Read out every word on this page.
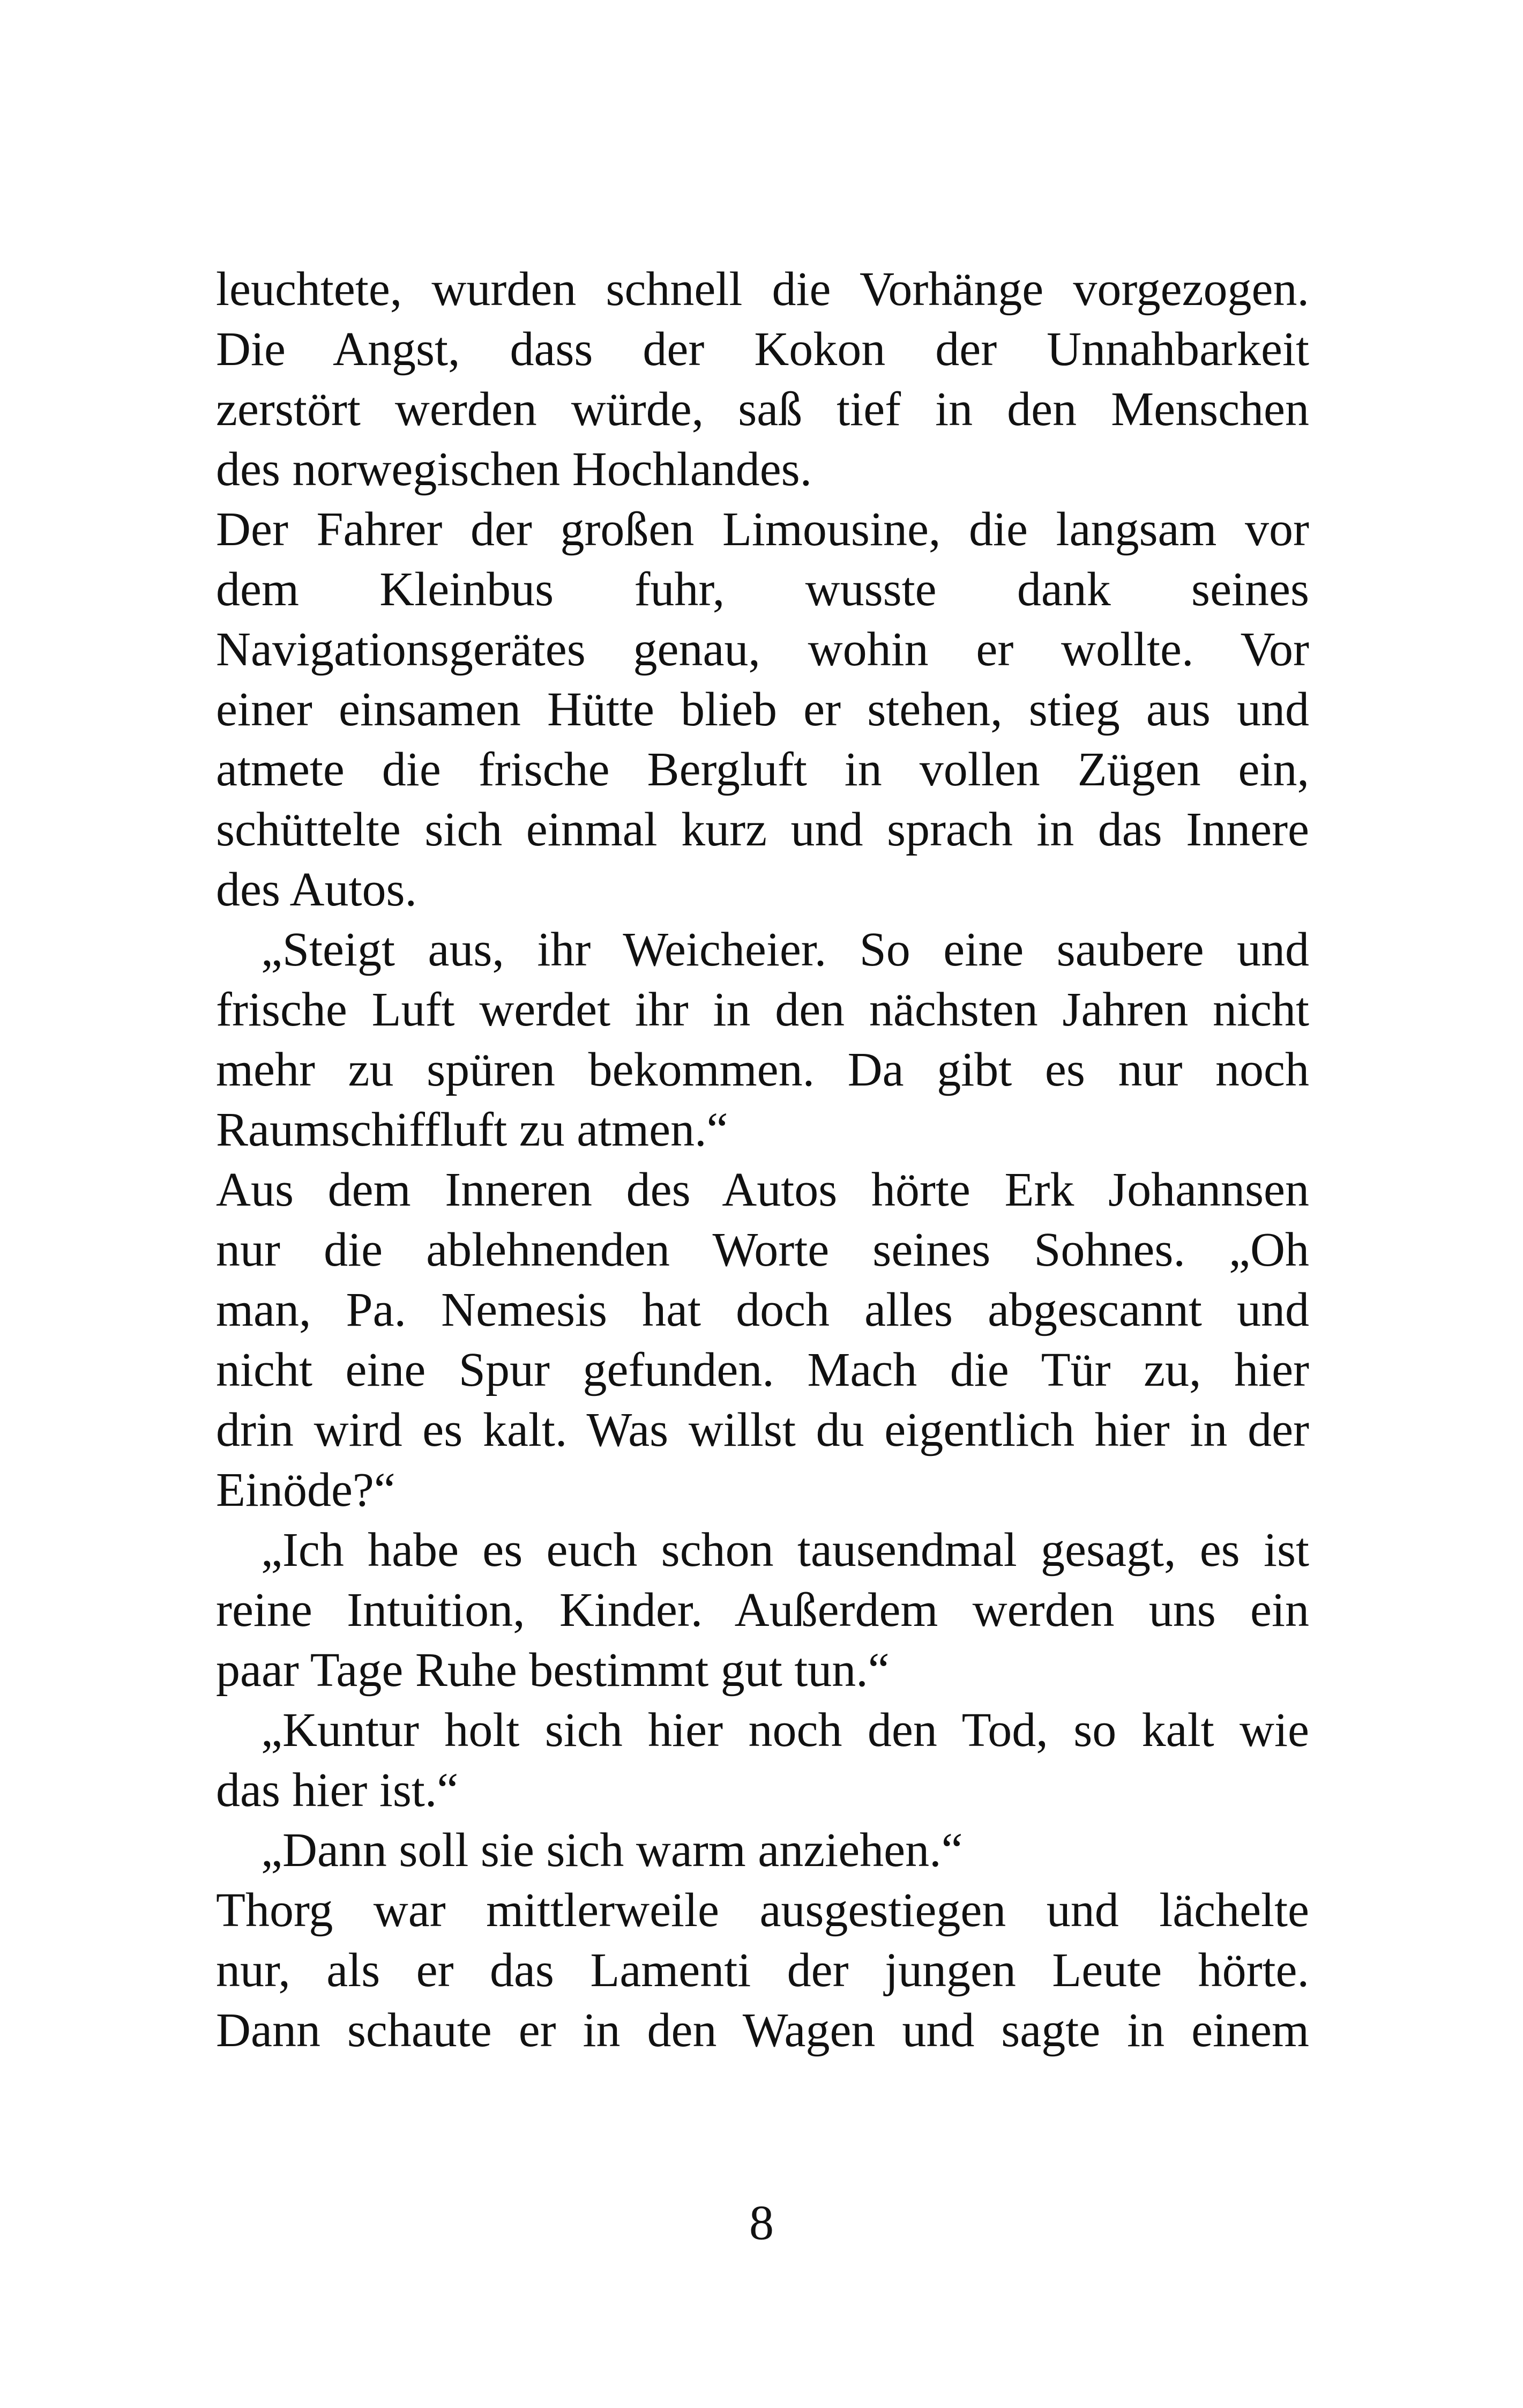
leuchtete, wurden schnell die Vorhänge vorgezogen.
Die Angst, dass der Kokon der Unnahbarkeit
zerstört werden würde, saß tief in den Menschen
des norwegischen Hochlandes.
Der Fahrer der großen Limousine, die langsam vor
dem Kleinbus fuhr, wusste dank seines
Navigationsgerätes genau, wohin er wollte. Vor
einer einsamen Hütte blieb er stehen, stieg aus und
atmete die frische Bergluft in vollen Zügen ein,
schüttelte sich einmal kurz und sprach in das Innere
des Autos.
„Steigt aus, ihr Weicheier. So eine saubere und
frische Luft werdet ihr in den nächsten Jahren nicht
mehr zu spüren bekommen. Da gibt es nur noch
Raumschiffluft zu atmen.“
Aus dem Inneren des Autos hörte Erk Johannsen
nur die ablehnenden Worte seines Sohnes. „Oh
man, Pa. Nemesis hat doch alles abgescannt und
nicht eine Spur gefunden. Mach die Tür zu, hier
drin wird es kalt. Was willst du eigentlich hier in der
Einöde?“
„Ich habe es euch schon tausendmal gesagt, es ist
reine Intuition, Kinder. Außerdem werden uns ein
paar Tage Ruhe bestimmt gut tun.“
„Kuntur holt sich hier noch den Tod, so kalt wie
das hier ist.“
„Dann soll sie sich warm anziehen.“
Thorg war mittlerweile ausgestiegen und lächelte
nur, als er das Lamenti der jungen Leute hörte.
Dann schaute er in den Wagen und sagte in einem
8
